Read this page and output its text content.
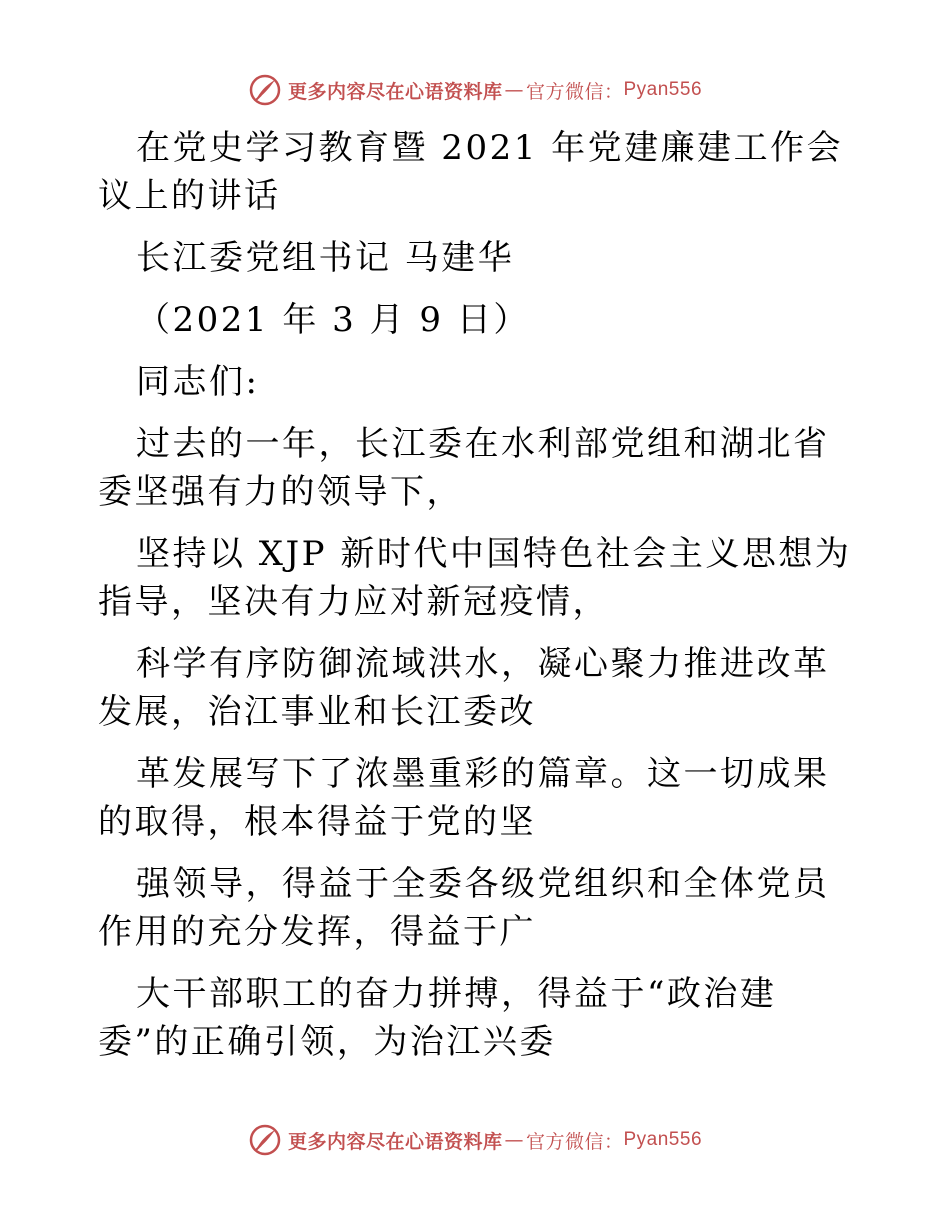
更多内容尽在心语资料库 — 官方微信： Pyan556

在党史学习教育暨 2021 年党建廉建工作会议上的讲话

长江委党组书记 马建华

（2021 年 3 月 9 日）

同志们:

过去的一年，长江委在水利部党组和湖北省委坚强有力的领导下，

坚持以 XJP 新时代中国特色社会主义思想为指导，坚决有力应对新冠疫情，

科学有序防御流域洪水，凝心聚力推进改革发展，治江事业和长江委改

革发展写下了浓墨重彩的篇章。这一切成果的取得，根本得益于党的坚

强领导，得益于全委各级党组织和全体党员作用的充分发挥，得益于广

大干部职工的奋力拼搏，得益于“政治建委”的正确引领，为治江兴委

更多内容尽在心语资料库 — 官方微信： Pyan556
